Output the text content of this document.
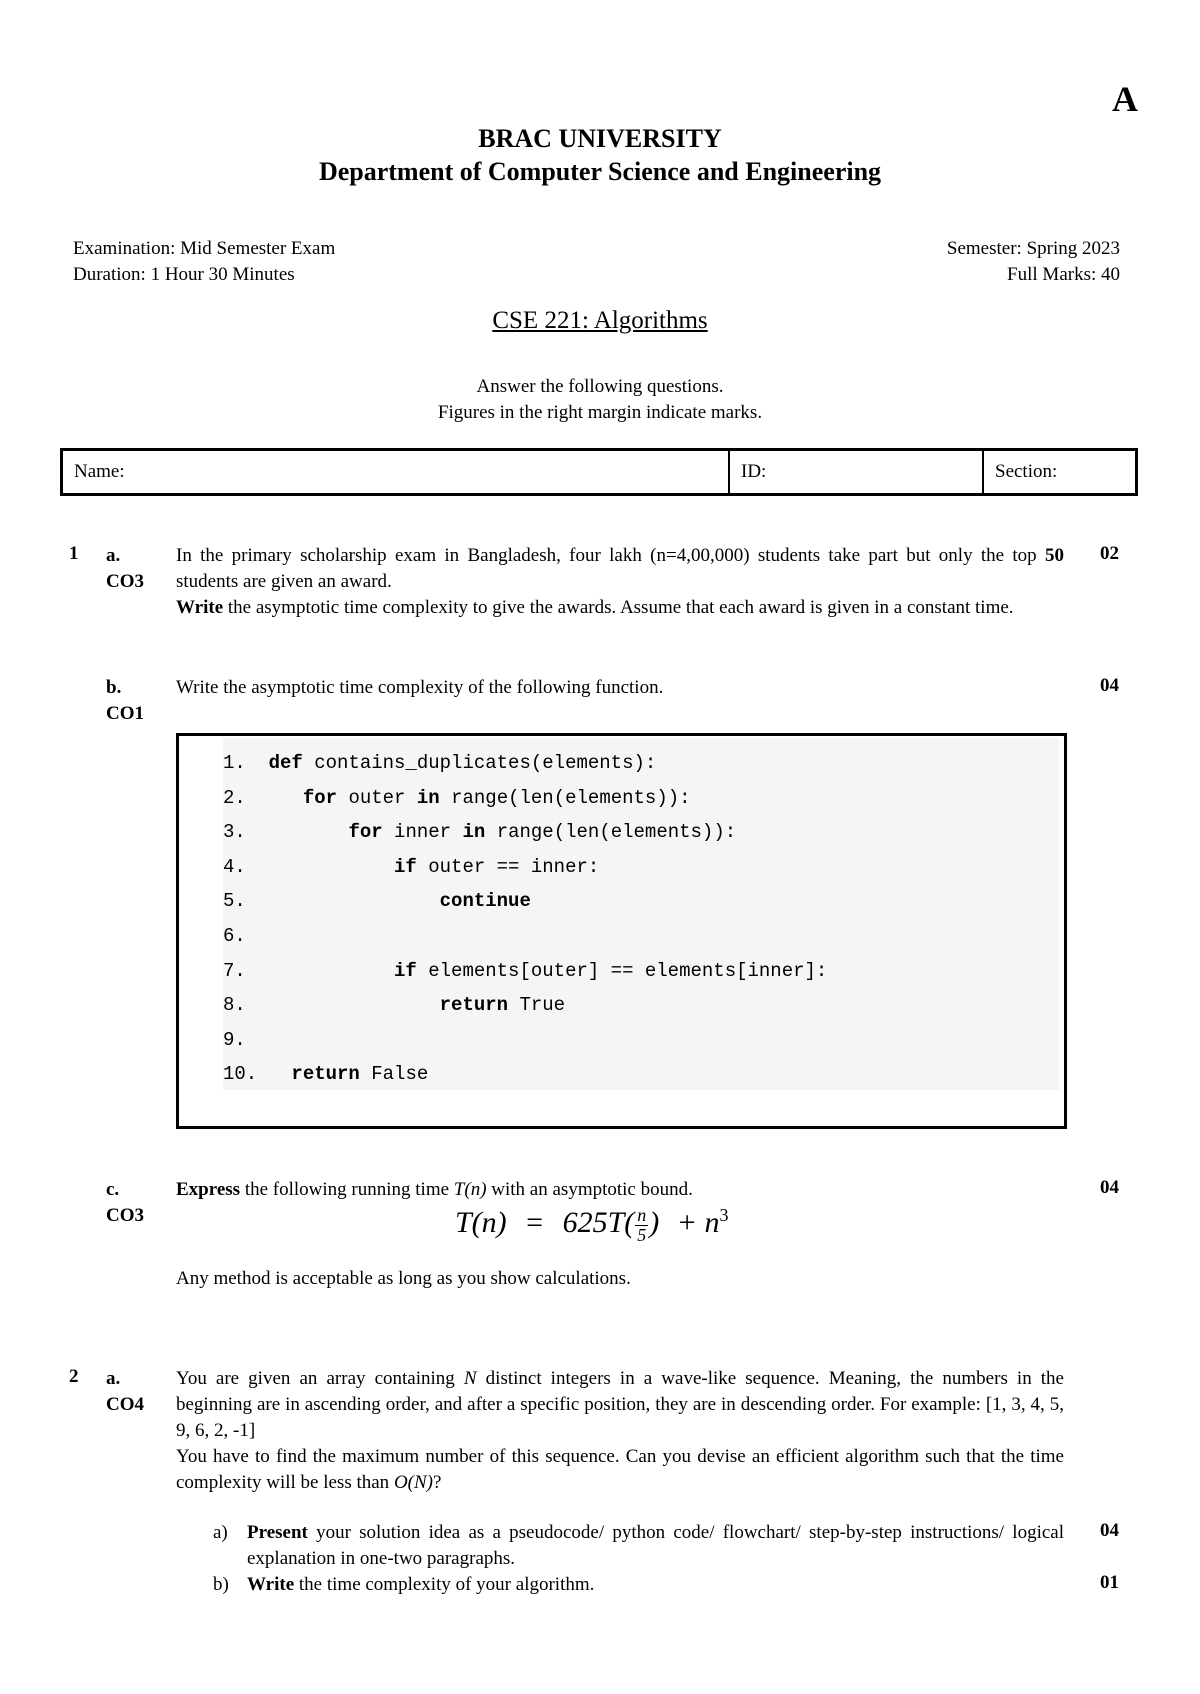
A
BRAC UNIVERSITY
Department of Computer Science and Engineering
Examination: Mid Semester Exam
Duration: 1 Hour 30 Minutes
Semester: Spring 2023
Full Marks: 40
CSE 221: Algorithms
Answer the following questions.
Figures in the right margin indicate marks.
Name:	ID:	Section:
1 a.
CO3
In the primary scholarship exam in Bangladesh, four lakh (n=4,00,000) students take part but only the top 50 students are given an award.
Write the asymptotic time complexity to give the awards. Assume that each award is given in a constant time.
02
b.
CO1
Write the asymptotic time complexity of the following function.	04
1.  def contains_duplicates(elements):
2.     for outer in range(len(elements)):
3.	for inner in range(len(elements)):
4.	if outer == inner:
5.	continue
6.
7.	if elements[outer] == elements[inner]:
8.	return True
9.
10.   return False
c.
CO3
Express the following running time T(n) with an asymptotic bound.	04
$T(n) = 625T( \frac{n}{5}$ ) + $n^3$
Any method is acceptable as long as you show calculations.
2 a.
CO4
You are given an array containing N distinct integers in a wave-like sequence. Meaning, the numbers in the beginning are in ascending order, and after a specific position, they are in descending order. For example: [1, 3, 4, 5, 9, 6, 2, -1]
You have to find the maximum number of this sequence. Can you devise an efficient algorithm such that the time complexity will be less than O(N)?
a)	Present your solution idea as a pseudocode/ python code/ flowchart/ step-by-step instructions/ logical explanation in one-two paragraphs.
b) Write the time complexity of your algorithm.
04
01
